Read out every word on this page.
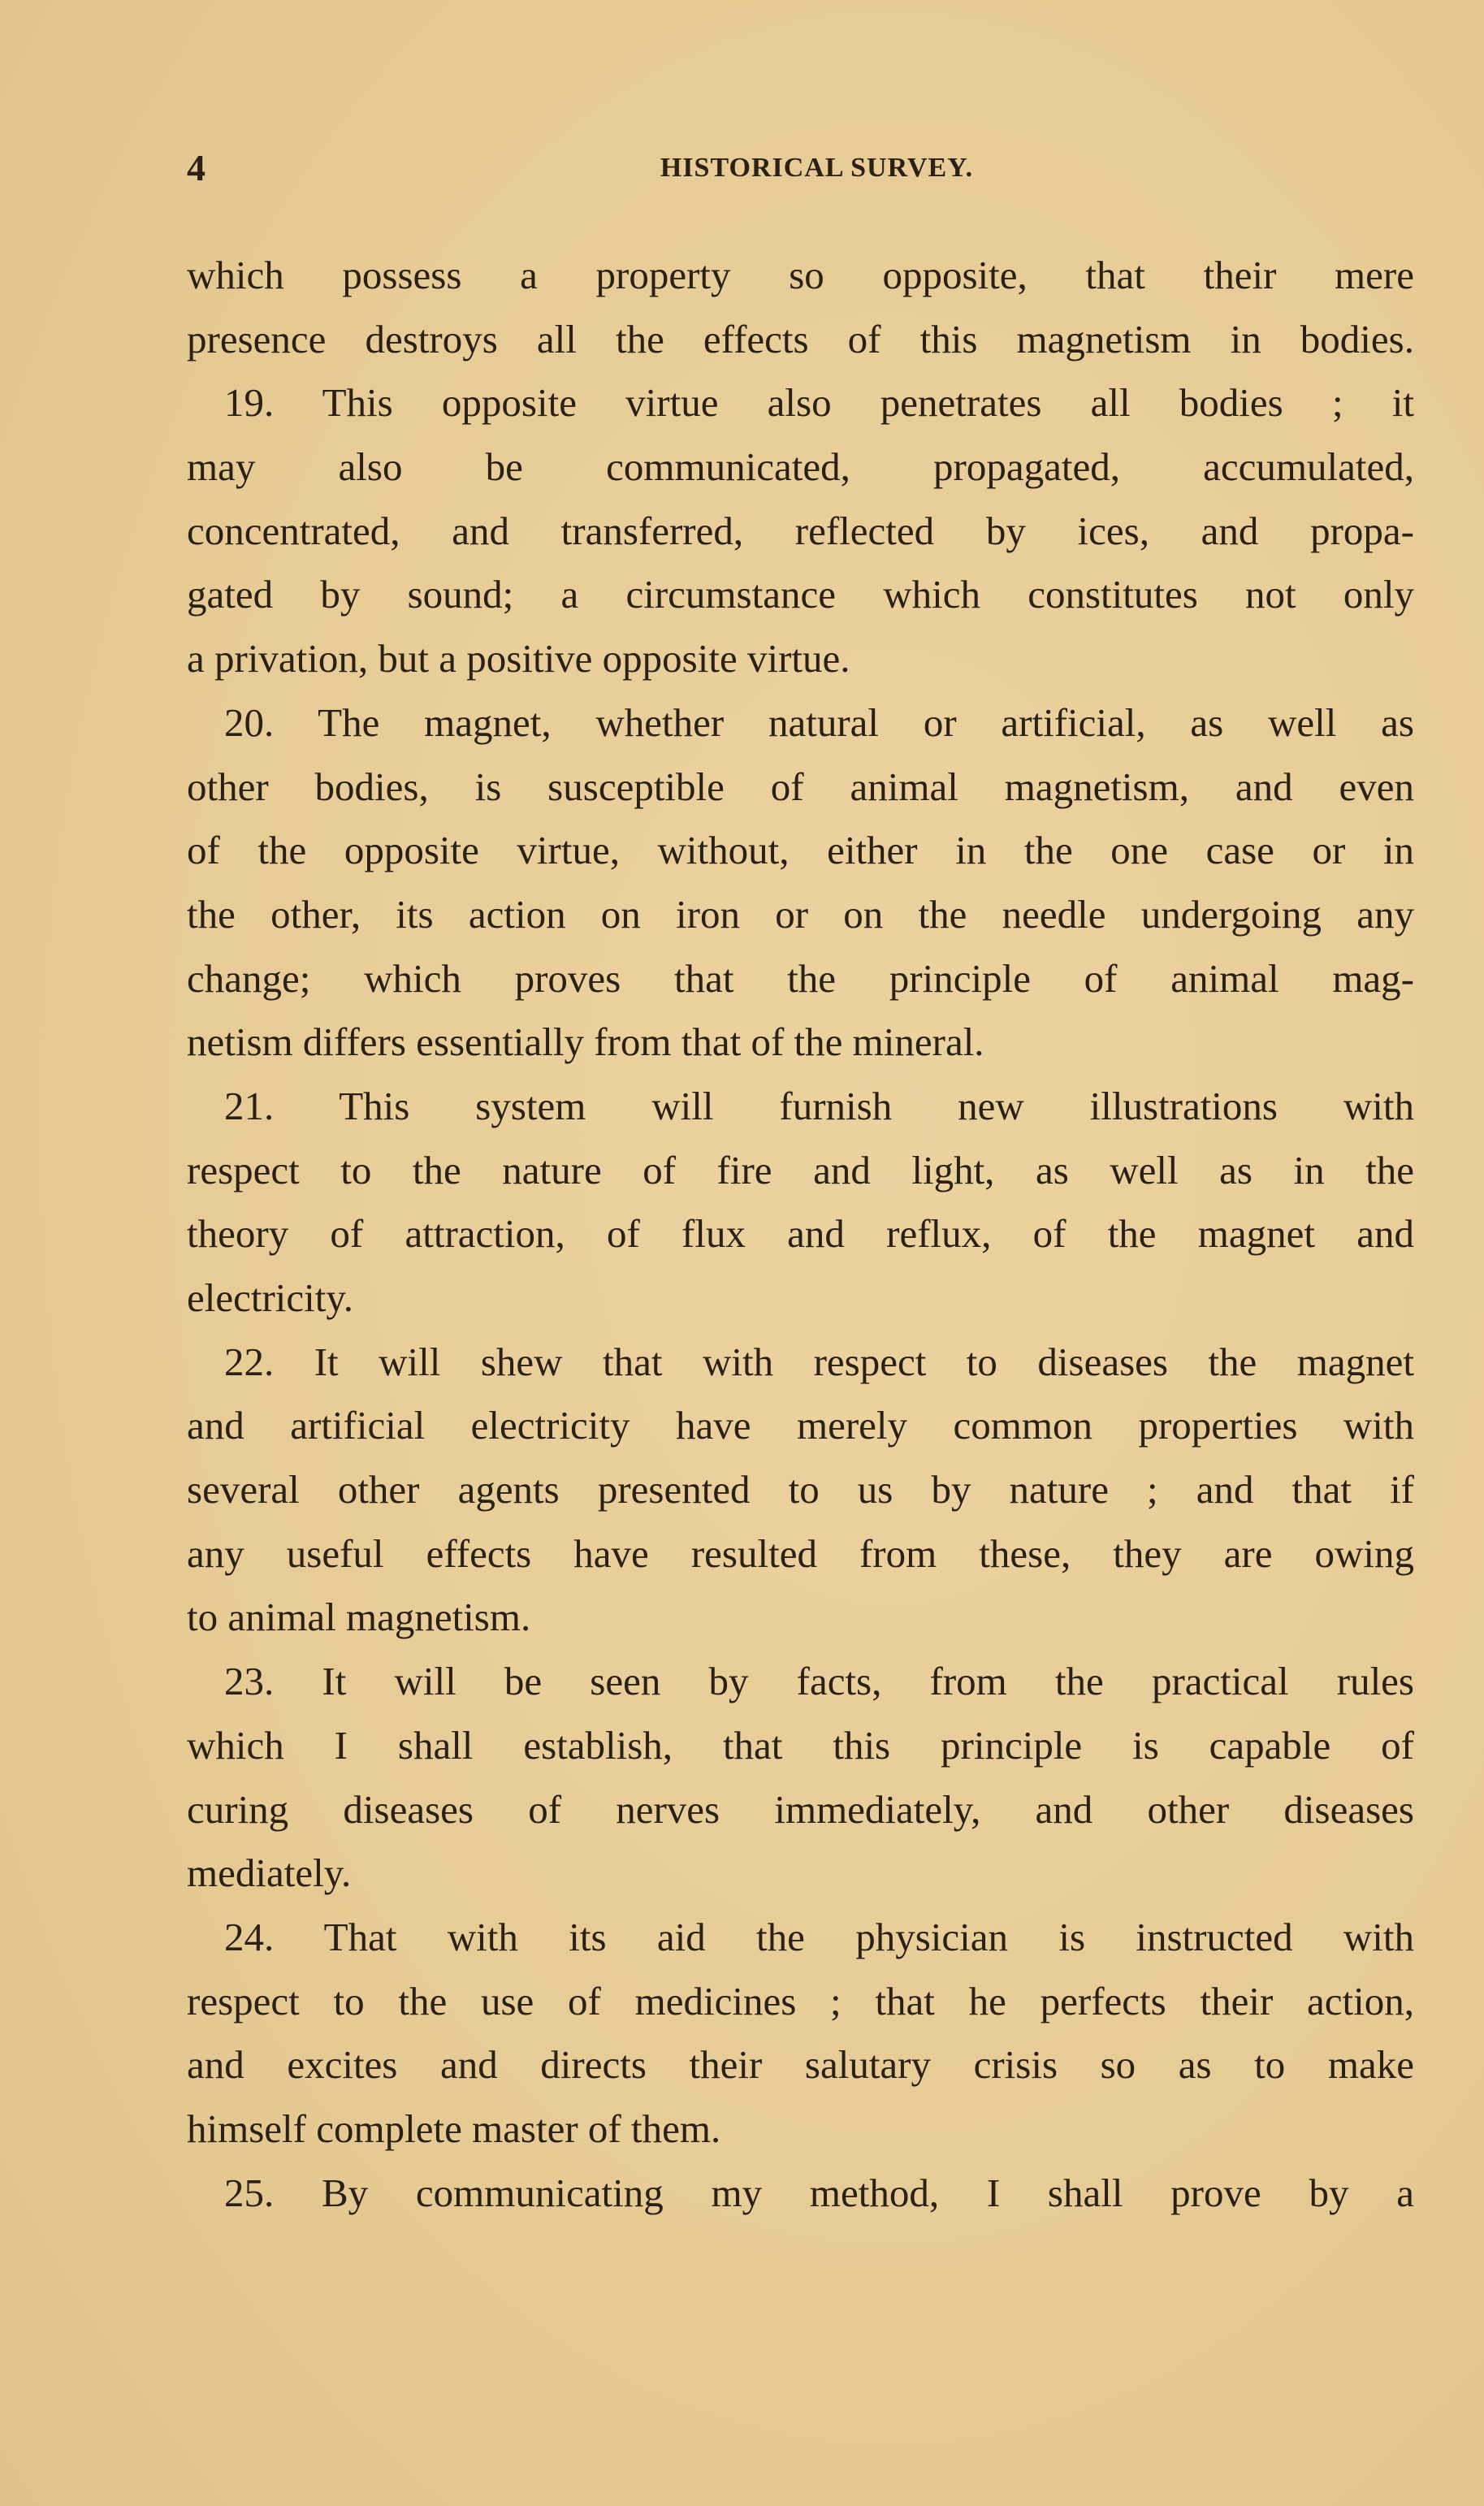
4	HISTORICAL SURVEY.
which possess a property so opposite, that their mere
presence destroys all the effects of this magnetism in bodies.
19. This opposite virtue also penetrates all bodies ; it
may also be communicated, propagated, accumulated,
concentrated, and transferred, reflected by ices, and propa-
gated by sound; a circumstance which constitutes not only
a privation, but a positive opposite virtue.
20. The magnet, whether natural or artificial, as well as
other bodies, is susceptible of animal magnetism, and even
of the opposite virtue, without, either in the one case or in
the other, its action on iron or on the needle undergoing any
change; which proves that the principle of animal mag-
netism differs essentially from that of the mineral.
21. This system will furnish new illustrations with
respect to the nature of fire and light, as well as in the
theory of attraction, of flux and reflux, of the magnet and
electricity.
22. It will shew that with respect to diseases the magnet
and artificial electricity have merely common properties with
several other agents presented to us by nature ; and that if
any useful effects have resulted from these, they are owing
to animal magnetism.
23. It will be seen by facts, from the practical rules
which I shall establish, that this principle is capable of
curing diseases of nerves immediately, and other diseases
mediately.
24. That with its aid the physician is instructed with
respect to the use of medicines ; that he perfects their action,
and excites and directs their salutary crisis so as to make
himself complete master of them.
25. By communicating my method, I shall prove by a
